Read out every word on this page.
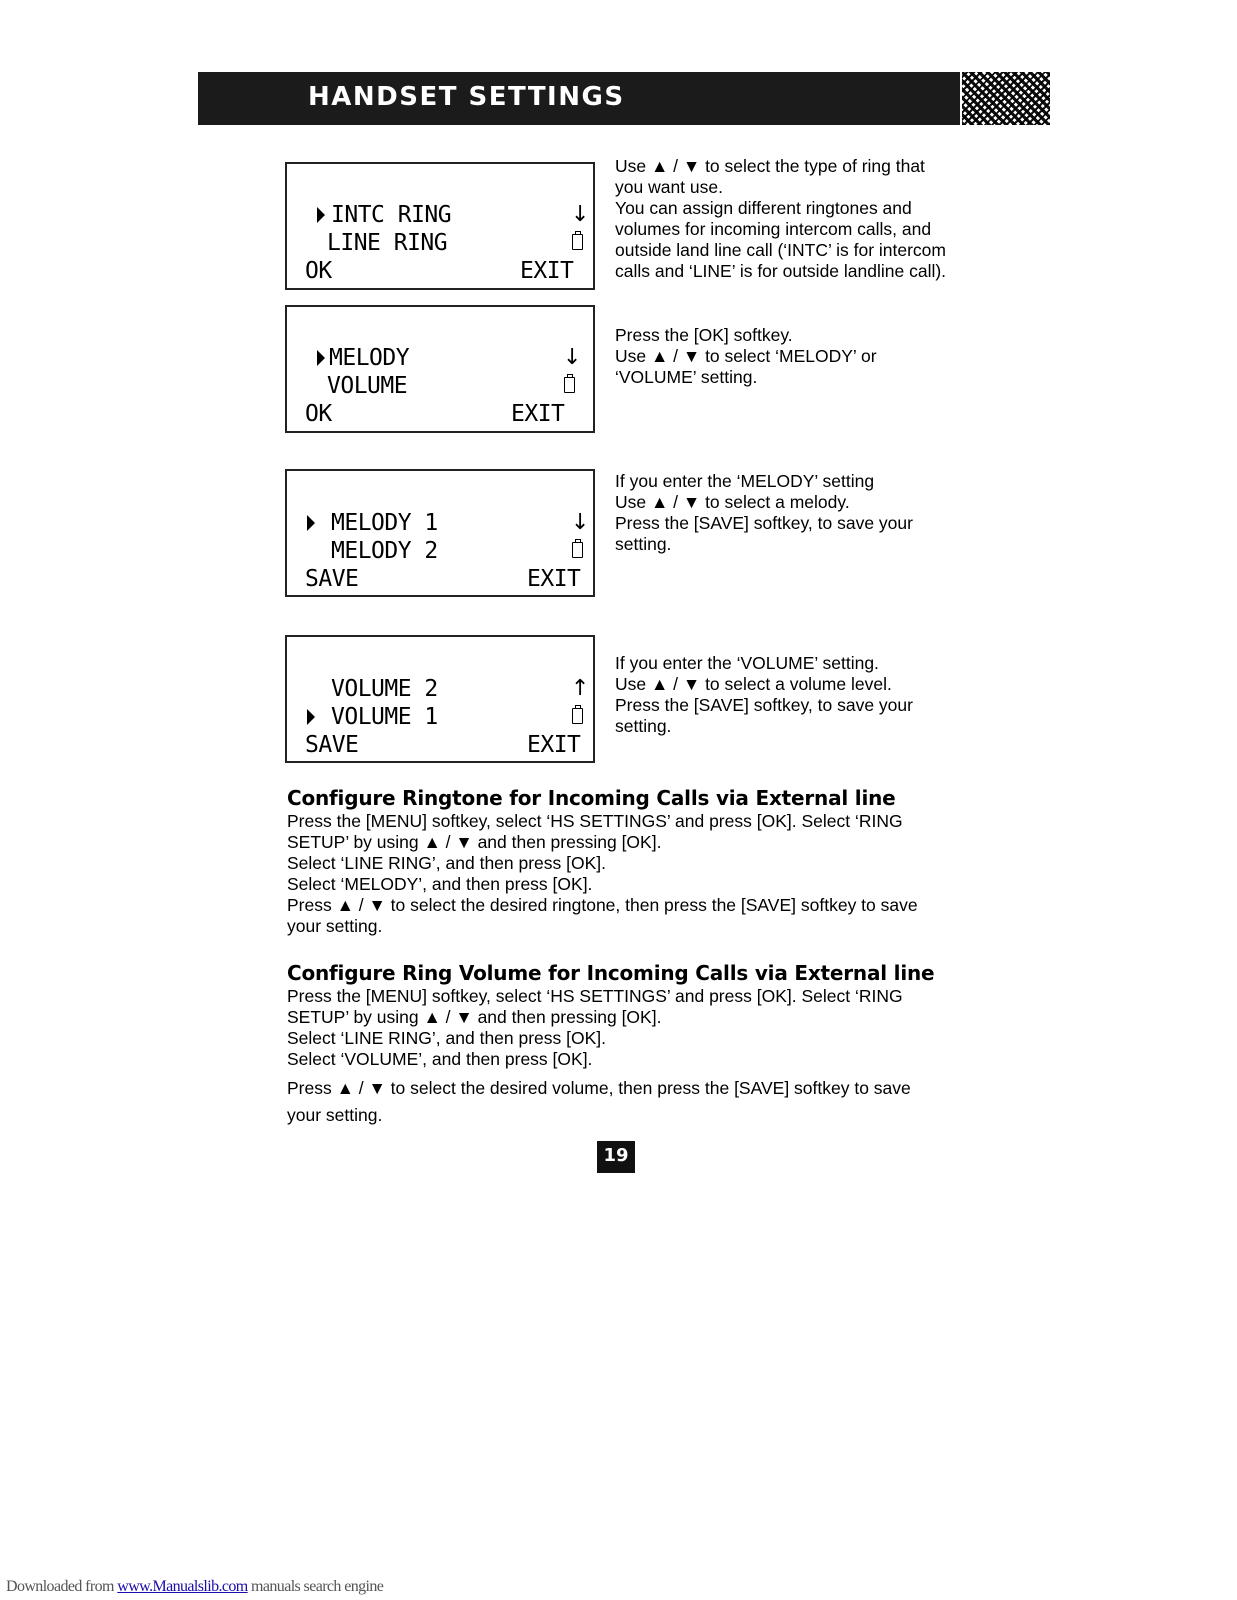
HANDSET SETTINGS
INTC RING
LINE RING
↓
OK	EXIT
MELODY
VOLUME
↓
OK	EXIT
MELODY 1
MELODY 2
↓
SAVE	EXIT
VOLUME 2
VOLUME 1
↑
SAVE	EXIT

Use ▲ / ▼ to select the type of ring that

you want use.

You can assign different ringtones and

volumes for incoming intercom calls, and

outside land line call (‘INTC’ is for intercom

calls and ‘LINE’ is for outside landline call).

Press the [OK] softkey.

Use ▲ / ▼ to select ‘MELODY’ or

‘VOLUME’ setting.

If you enter the ‘MELODY’ setting

Use ▲ / ▼ to select a melody.

Press the [SAVE] softkey, to save your

setting.

If you enter the ‘VOLUME’ setting.

Use ▲ / ▼ to select a volume level.

Press the [SAVE] softkey, to save your

setting.

Configure Ringtone for Incoming Calls via External line

Press the [MENU] softkey, select ‘HS SETTINGS’ and press [OK]. Select ‘RING

SETUP’ by using ▲ / ▼ and then pressing [OK].

Select ‘LINE RING’, and then press [OK].

Select ‘MELODY’, and then press [OK].

Press ▲ / ▼ to select the desired ringtone, then press the [SAVE] softkey to save

your setting.

Configure Ring Volume for Incoming Calls via External line

Press the [MENU] softkey, select ‘HS SETTINGS’ and press [OK]. Select ‘RING

SETUP’ by using ▲ / ▼ and then pressing [OK].

Select ‘LINE RING’, and then press [OK].

Select ‘VOLUME’, and then press [OK].

Press ▲ / ▼ to select the desired volume, then press the [SAVE] softkey to save

your setting.

19
Downloaded from www.Manualslib.com manuals search engine
